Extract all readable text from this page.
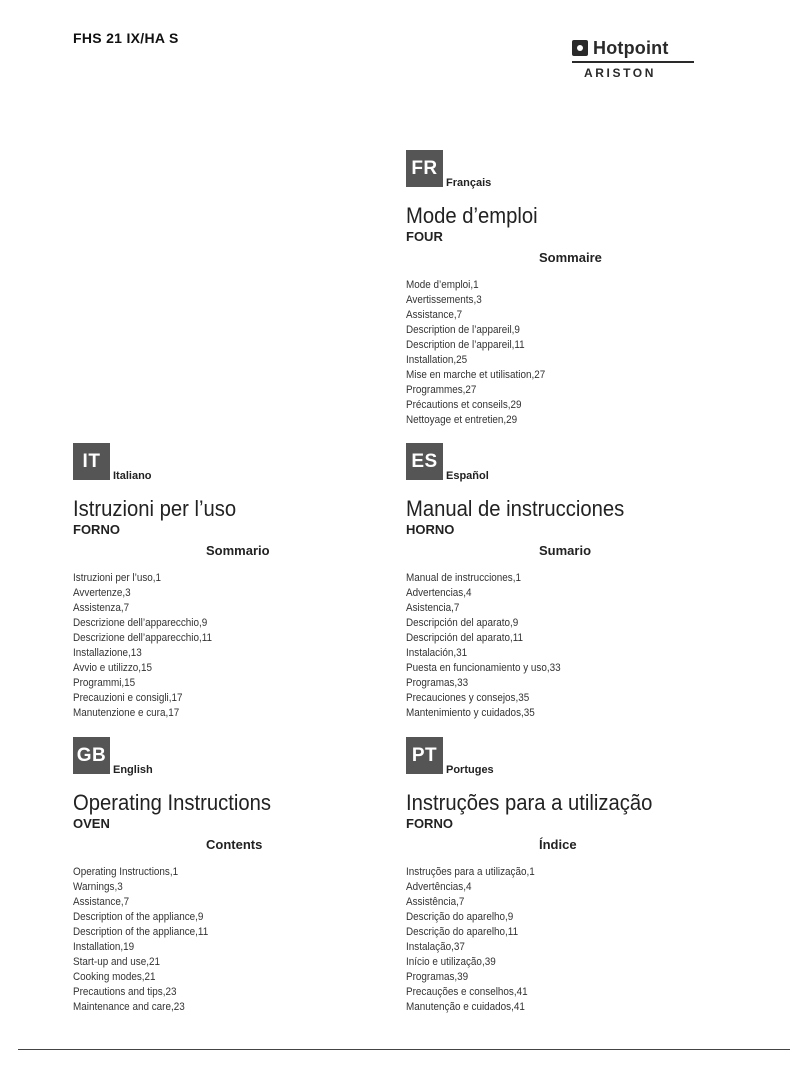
FHS 21 IX/HA S	Hotpoint
ARISTON
FR
Français
Mode d’emploi
FOUR
Sommaire
Mode d’emploi,1
Avertissements,3
Assistance,7
Description de l’appareil,9
Description de l’appareil,11
Installation,25
Mise en marche et utilisation,27
Programmes,27
Précautions et conseils,29
Nettoyage et entretien,29
IT
Italiano
Istruzioni per l’uso
FORNO
Sommario
Istruzioni per l’uso,1
Avvertenze,3
Assistenza,7
Descrizione dell’apparecchio,9
Descrizione dell’apparecchio,11
Installazione,13
Avvio e utilizzo,15
Programmi,15
Precauzioni e consigli,17
Manutenzione e cura,17
ES
Español
Manual de instrucciones
HORNO
Sumario
Manual de instrucciones,1
Advertencias,4
Asistencia,7
Descripción del aparato,9
Descripción del aparato,11
Instalación,31
Puesta en funcionamiento y uso,33
Programas,33
Precauciones y consejos,35
Mantenimiento y cuidados,35
GB
English
Operating Instructions
OVEN
Contents
Operating Instructions,1
Warnings,3
Assistance,7
Description of the appliance,9
Description of the appliance,11
Installation,19
Start-up and use,21
Cooking modes,21
Precautions and tips,23
Maintenance and care,23
PT
Portuges
Instruções para a utilização
FORNO
Índice
Instruções para a utilização,1
Advertências,4
Assistência,7
Descrição do aparelho,9
Descrição do aparelho,11
Instalação,37
Início e utilização,39
Programas,39
Precauções e conselhos,41
Manutenção e cuidados,41
